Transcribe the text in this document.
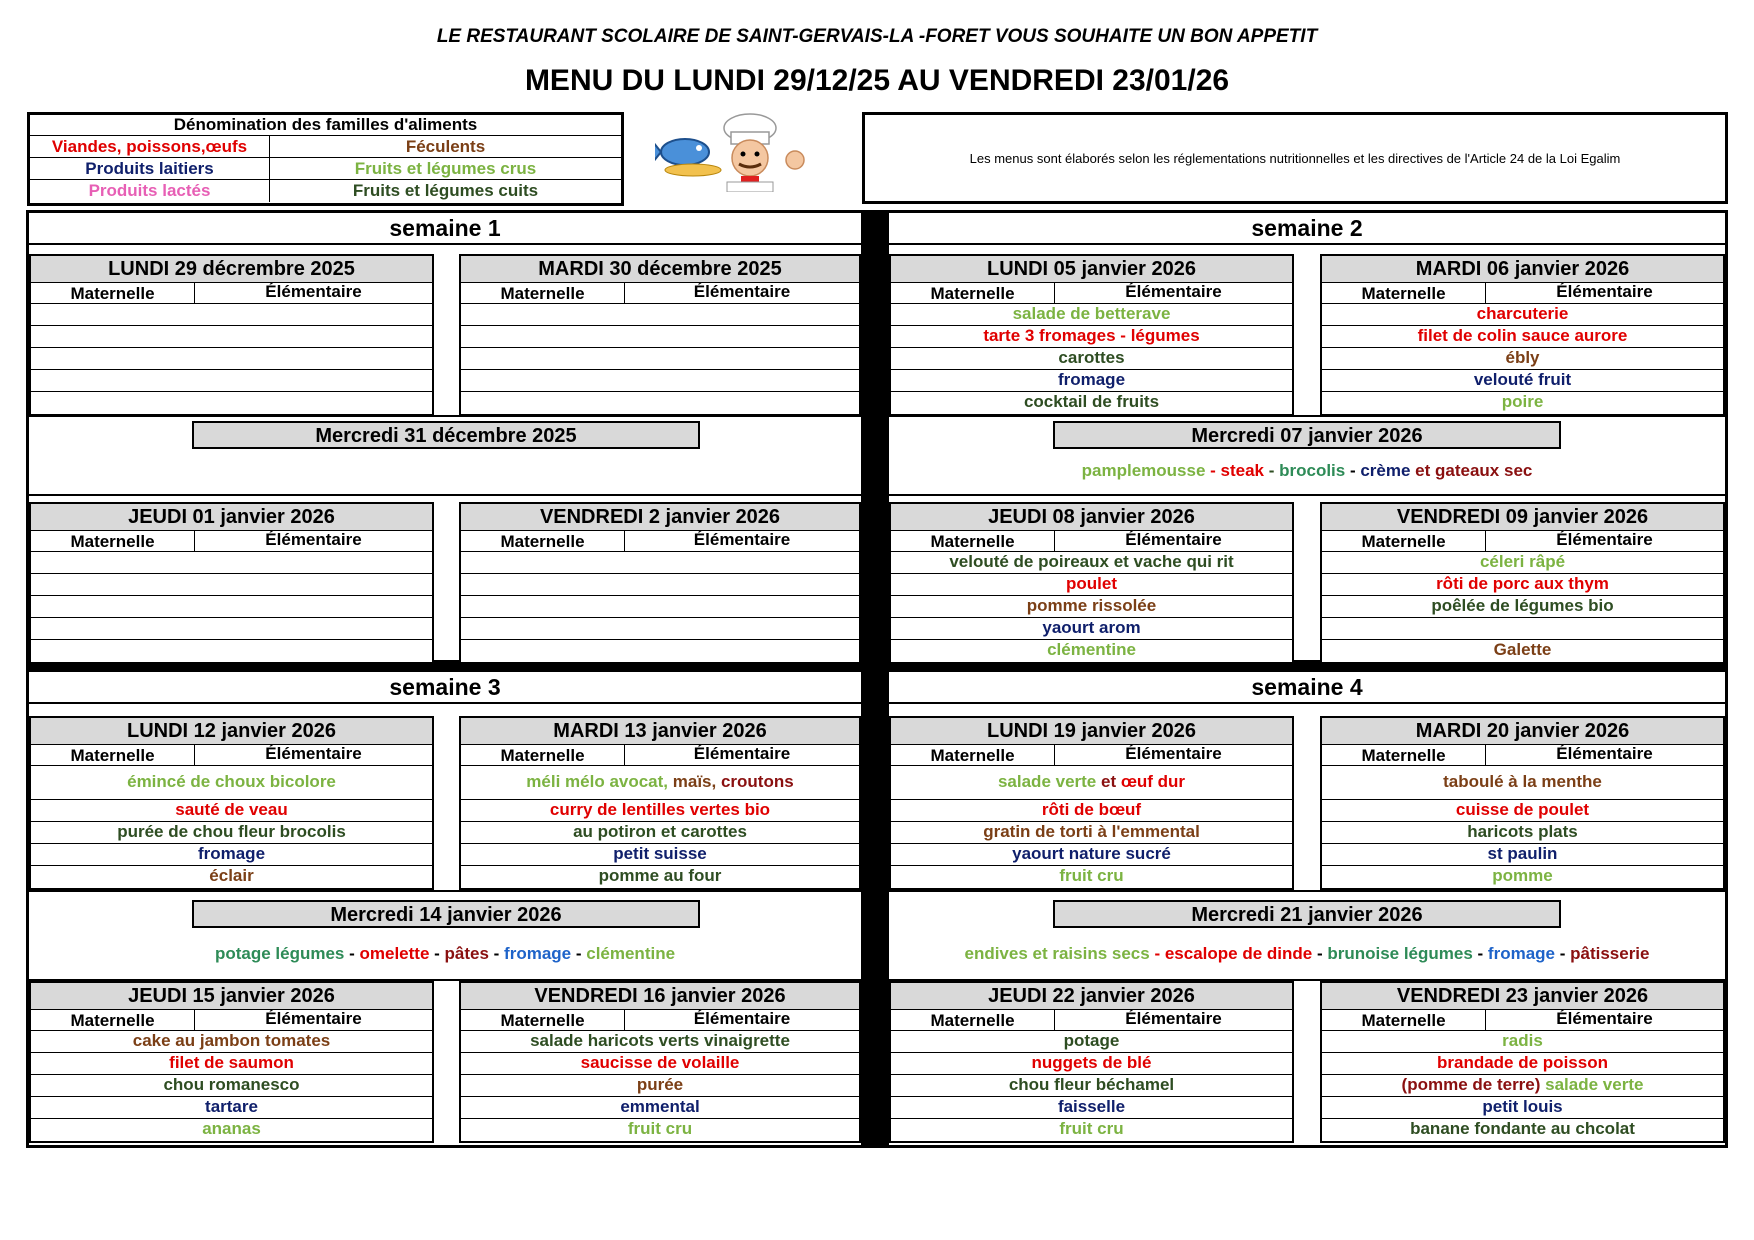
LE RESTAURANT SCOLAIRE DE SAINT-GERVAIS-LA -FORET VOUS SOUHAITE UN BON APPETIT
MENU DU LUNDI 29/12/25 AU VENDREDI 23/01/26
Dénomination des familles d'aliments
Viandes, poissons,œufs	Féculents
Produits laitiers	Fruits et légumes crus
Produits lactés	Fruits et légumes cuits
Les menus sont élaborés selon les réglementations nutritionnelles et les directives de l'Article 24 de la Loi Egalim
semaine 1	semaine 2
semaine 3	semaine 4
Mercredi 31 décembre 2025	Mercredi 07 janvier 2026
Mercredi 14 janvier 2026	Mercredi 21 janvier 2026
pamplemousse - steak - brocolis - crème et gateaux sec
potage légumes - omelette - pâtes - fromage - clémentine	endives et raisins secs - escalope de dinde - brunoise légumes - fromage - pâtisserie
LUNDI 29 décrembre 2025
Maternelle	Élémentaire
MARDI 30 décembre 2025
Maternelle	Élémentaire
JEUDI 01 janvier 2026
Maternelle	Élémentaire
VENDREDI 2 janvier 2026
Maternelle	Élémentaire
LUNDI 05 janvier 2026
Maternelle	Élémentaire
salade de betterave
tarte 3 fromages - légumes
carottes
fromage
cocktail de fruits
MARDI 06 janvier 2026
Maternelle	Élémentaire
charcuterie
filet de colin sauce aurore
ébly
velouté fruit
poire
JEUDI 08 janvier 2026
Maternelle	Élémentaire
velouté de poireaux et vache qui rit
poulet
pomme rissolée
yaourt arom
clémentine
VENDREDI 09 janvier 2026
Maternelle	Élémentaire
céleri râpé
rôti de porc aux thym
poêlée de légumes bio
Galette
LUNDI 12 janvier 2026
Maternelle	Élémentaire
émincé de choux bicolore
sauté de veau
purée de chou fleur brocolis
fromage
éclair
MARDI 13 janvier 2026
Maternelle	Élémentaire
méli mélo avocat, maïs, croutons
curry de lentilles vertes bio
au potiron et carottes
petit suisse
pomme au four
JEUDI 15 janvier 2026
Maternelle	Élémentaire
cake au jambon tomates
filet de saumon
chou romanesco
tartare
ananas
VENDREDI 16 janvier 2026
Maternelle	Élémentaire
salade haricots verts vinaigrette
saucisse de volaille
purée
emmental
fruit cru
LUNDI 19 janvier 2026
Maternelle	Élémentaire
salade verte et œuf dur
rôti de bœuf
gratin de torti à l'emmental
yaourt nature sucré
fruit cru
MARDI 20 janvier 2026
Maternelle	Élémentaire
taboulé à la menthe
cuisse de poulet
haricots plats
st paulin
pomme
JEUDI 22 janvier 2026
Maternelle	Élémentaire
potage
nuggets de blé
chou fleur béchamel
faisselle
fruit cru
VENDREDI 23 janvier 2026
Maternelle	Élémentaire
radis
brandade de poisson
(pomme de terre) salade verte
petit louis
banane fondante au chcolat
